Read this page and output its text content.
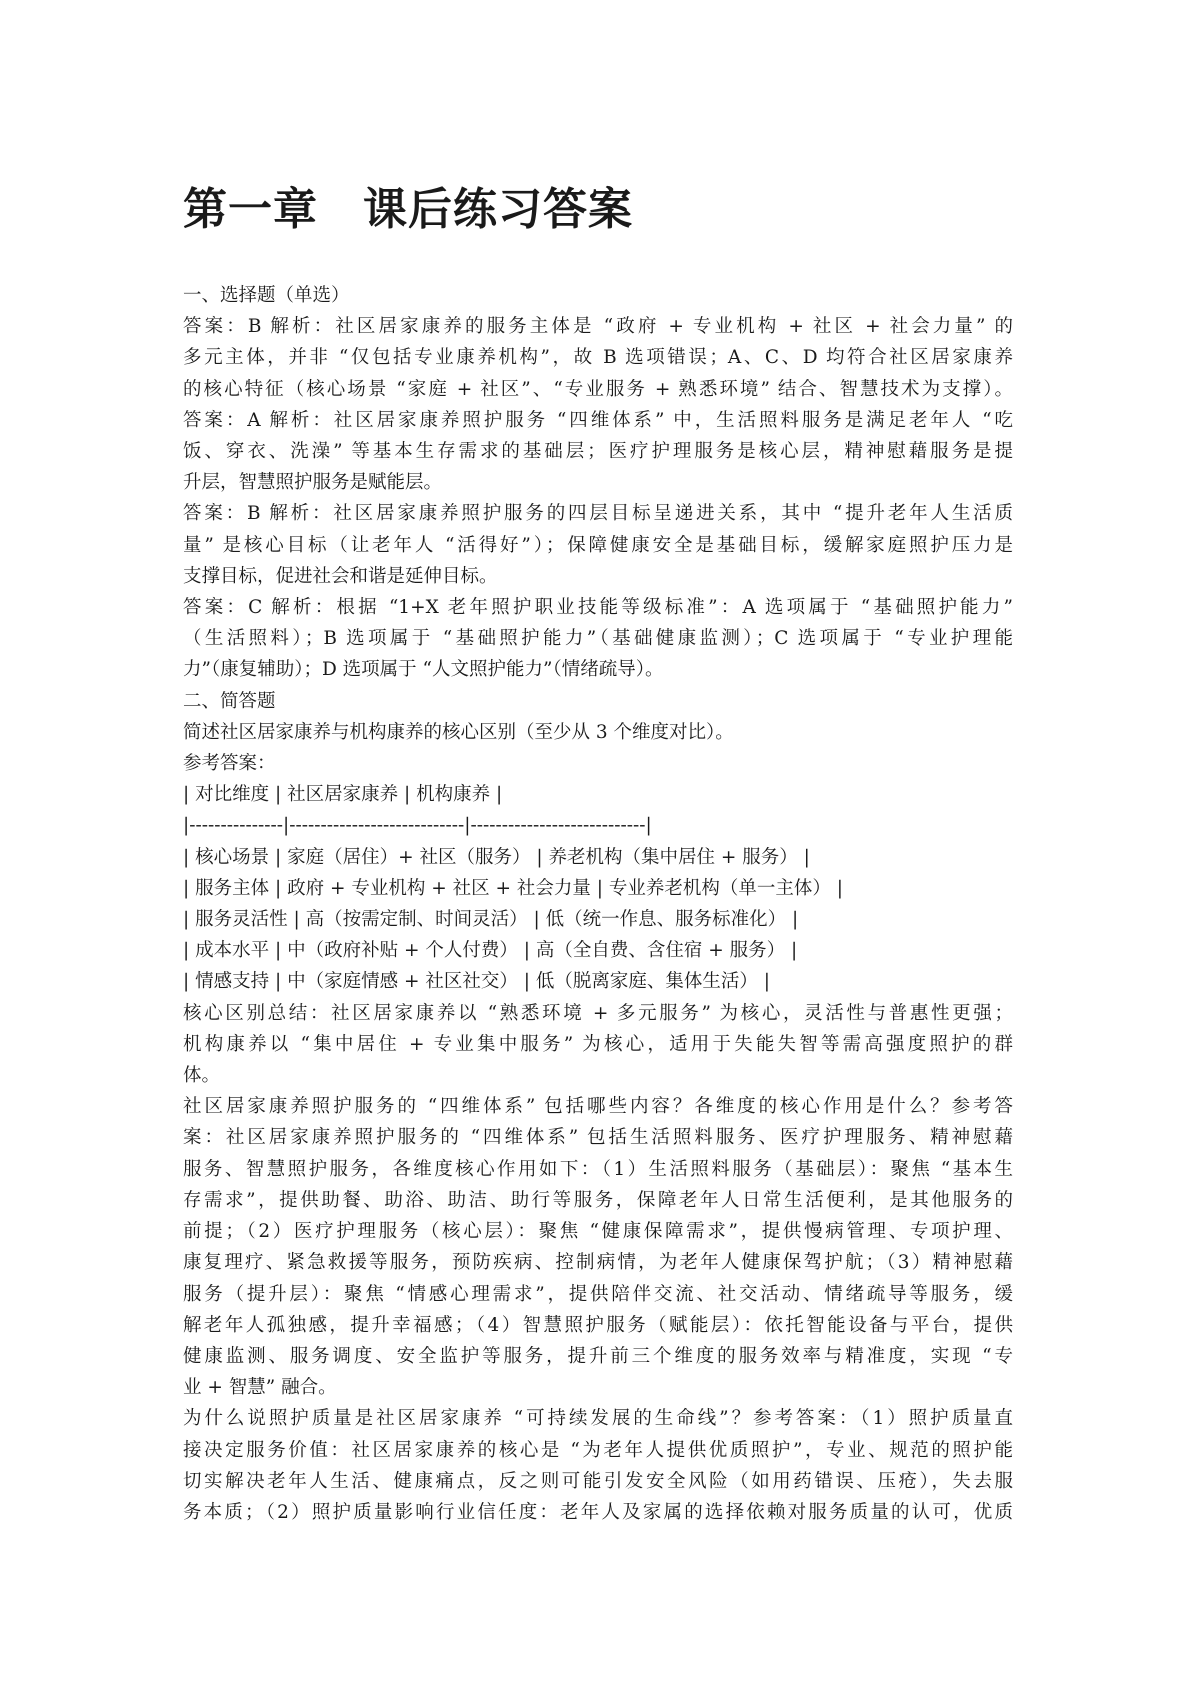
第一章　课后练习答案
一、选择题（单选）
答案：B 解析：社区居家康养的服务主体是 “政府 + 专业机构 + 社区 + 社会力量” 的
多元主体，并非 “仅包括专业康养机构”，故 B 选项错误；A、C、D 均符合社区居家康养
的核心特征（核心场景 “家庭 + 社区”、“专业服务 + 熟悉环境” 结合、智慧技术为支撑）。
答案：A 解析：社区居家康养照护服务 “四维体系” 中，生活照料服务是满足老年人 “吃
饭、穿衣、洗澡” 等基本生存需求的基础层；医疗护理服务是核心层，精神慰藉服务是提
升层，智慧照护服务是赋能层。
答案：B 解析：社区居家康养照护服务的四层目标呈递进关系，其中 “提升老年人生活质
量” 是核心目标（让老年人 “活得好”）；保障健康安全是基础目标，缓解家庭照护压力是
支撑目标，促进社会和谐是延伸目标。
答案：C 解析：根据 “1+X 老年照护职业技能等级标准”：A 选项属于 “基础照护能力”
（生活照料）；B 选项属于 “基础照护能力”（基础健康监测）；C 选项属于 “专业护理能
力”（康复辅助）；D 选项属于 “人文照护能力”（情绪疏导）。
二、简答题
简述社区居家康养与机构康养的核心区别（至少从 3 个维度对比）。
参考答案：
| 对比维度 | 社区居家康养 | 机构康养 |
|---------------|----------------------------|----------------------------|
| 核心场景 | 家庭（居住）+ 社区（服务） | 养老机构（集中居住 + 服务） |
| 服务主体 | 政府 + 专业机构 + 社区 + 社会力量 | 专业养老机构（单一主体） |
| 服务灵活性 | 高（按需定制、时间灵活） | 低（统一作息、服务标准化） |
| 成本水平 | 中（政府补贴 + 个人付费） | 高（全自费、含住宿 + 服务） |
| 情感支持 | 中（家庭情感 + 社区社交） | 低（脱离家庭、集体生活） |
核心区别总结：社区居家康养以 “熟悉环境 + 多元服务” 为核心，灵活性与普惠性更强；
机构康养以 “集中居住 + 专业集中服务” 为核心，适用于失能失智等需高强度照护的群
体。
社区居家康养照护服务的 “四维体系” 包括哪些内容？各维度的核心作用是什么？参考答
案：社区居家康养照护服务的 “四维体系” 包括生活照料服务、医疗护理服务、精神慰藉
服务、智慧照护服务，各维度核心作用如下：（1）生活照料服务（基础层）：聚焦 “基本生
存需求”，提供助餐、助浴、助洁、助行等服务，保障老年人日常生活便利，是其他服务的
前提；（2）医疗护理服务（核心层）：聚焦 “健康保障需求”，提供慢病管理、专项护理、
康复理疗、紧急救援等服务，预防疾病、控制病情，为老年人健康保驾护航；（3）精神慰藉
服务（提升层）：聚焦 “情感心理需求”，提供陪伴交流、社交活动、情绪疏导等服务，缓
解老年人孤独感，提升幸福感；（4）智慧照护服务（赋能层）：依托智能设备与平台，提供
健康监测、服务调度、安全监护等服务，提升前三个维度的服务效率与精准度，实现 “专
业 + 智慧” 融合。
为什么说照护质量是社区居家康养 “可持续发展的生命线”？参考答案：（1）照护质量直
接决定服务价值：社区居家康养的核心是 “为老年人提供优质照护”，专业、规范的照护能
切实解决老年人生活、健康痛点，反之则可能引发安全风险（如用药错误、压疮），失去服
务本质；（2）照护质量影响行业信任度：老年人及家属的选择依赖对服务质量的认可，优质
